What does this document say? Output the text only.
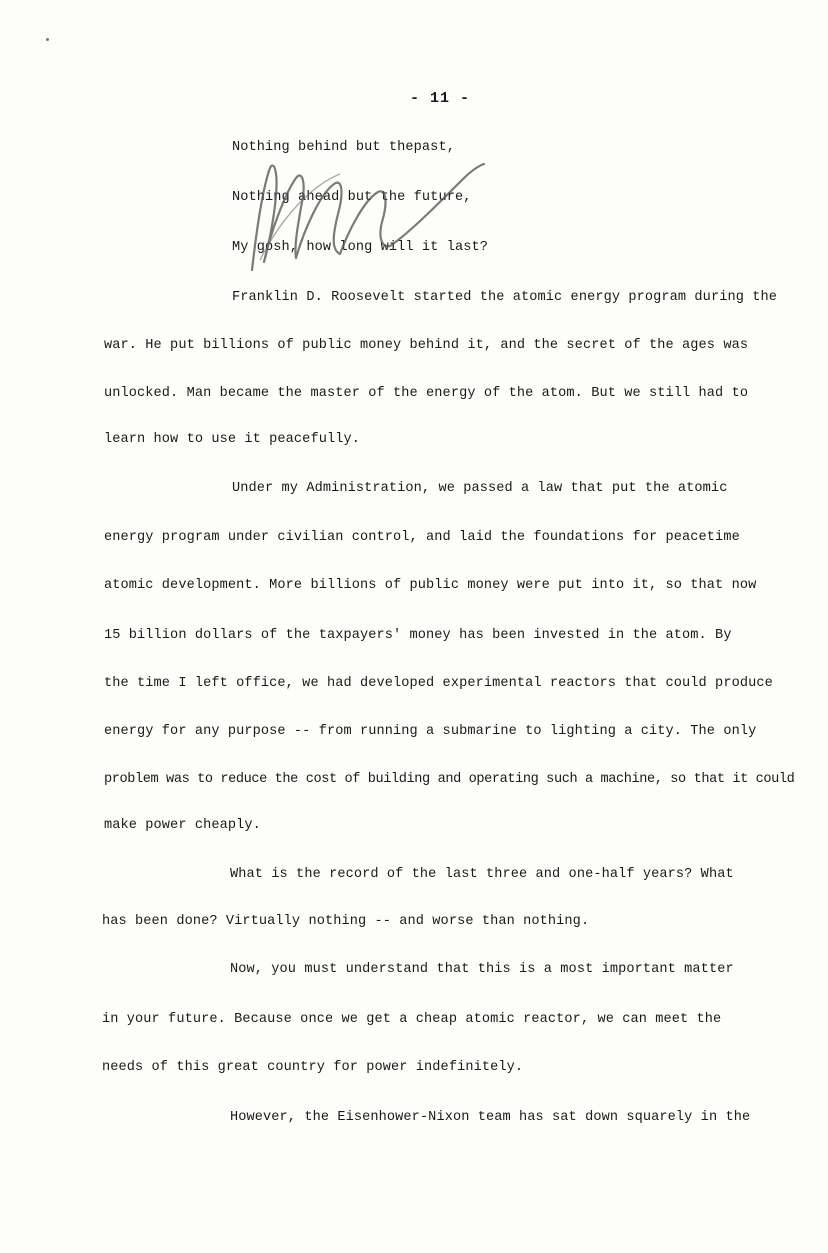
- 11 -
Nothing behind but thepast,
Nothing ahead but the future,
My gosh, how long will it last?
Franklin D. Roosevelt started the atomic energy program during the
war. He put billions of public money behind it, and the secret of the ages was
unlocked. Man became the master of the energy of the atom. But we still had to
learn how to use it peacefully.
Under my Administration, we passed a law that put the atomic
energy program under civilian control, and laid the foundations for peacetime
atomic development. More billions of public money were put into it, so that now
15 billion dollars of the taxpayers' money has been invested in the atom. By
the time I left office, we had developed experimental reactors that could produce
energy for any purpose -- from running a submarine to lighting a city. The only
problem was to reduce the cost of building and operating such a machine, so that it could
make power cheaply.
What is the record of the last three and one-half years? What
has been done? Virtually nothing -- and worse than nothing.
Now, you must understand that this is a most important matter
in your future. Because once we get a cheap atomic reactor, we can meet the
needs of this great country for power indefinitely.
However, the Eisenhower-Nixon team has sat down squarely in the
